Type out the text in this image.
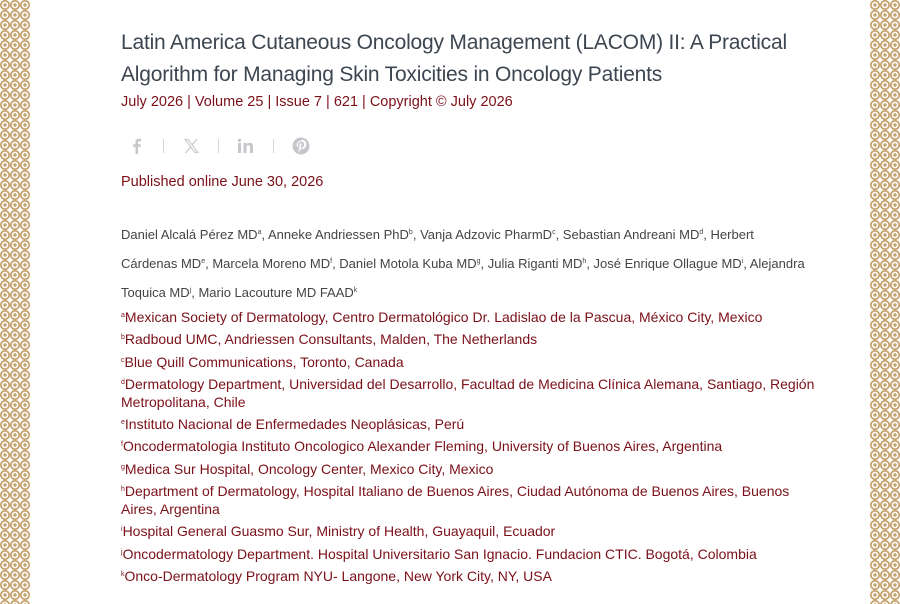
Latin America Cutaneous Oncology Management (LACOM) II: A Practical Algorithm for Managing Skin Toxicities in Oncology Patients
July 2026 | Volume 25 | Issue 7 | 621 | Copyright © July 2026
Published online June 30, 2026
Daniel Alcalá Pérez $MD^a$, Anneke Andriessen PhD$^b$, Vanja Adzovic PharmD$^c$, Sebastian Andreani $MD^d$, Herbert Cárdenas MDe, Marcela Moreno $MD^f$, Daniel Motola Kuba $MD^g$, Julia Riganti $MD^h$, José Enrique Ollague $MD^i$, Alejandra Toquica $MD^j$, Mario Lacouture MD FAAD$^k$
$^a$Mexican Society of Dermatology, Centro Dermatológico Dr. Ladislao de la Pascua, México City, Mexico
$^b$Radboud UMC, Andriessen Consultants, Malden, The Netherlands
$^c$Blue Quill Communications, Toronto, Canada
$^d$Dermatology Department, Universidad del Desarrollo, Facultad de Medicina Clínica Alemana, Santiago, Región Metropolitana, Chile
$^e$Instituto Nacional de Enfermedades Neoplásicas, Perú
$^f$Oncodermatologia Instituto Oncologico Alexander Fleming, University of Buenos Aires, Argentina
$^g$Medica Sur Hospital, Oncology Center, Mexico City, Mexico
$^h$Department of Dermatology, Hospital Italiano de Buenos Aires, Ciudad Autónoma de Buenos Aires, Buenos Aires, Argentina
$^i$Hospital General Guasmo Sur, Ministry of Health, Guayaquil, Ecuador
$^j$Oncodermatology Department. Hospital Universitario San Ignacio. Fundacion CTIC. Bogotá, Colombia
$^k$Onco-Dermatology Program NYU- Langone, New York City, NY, USA
